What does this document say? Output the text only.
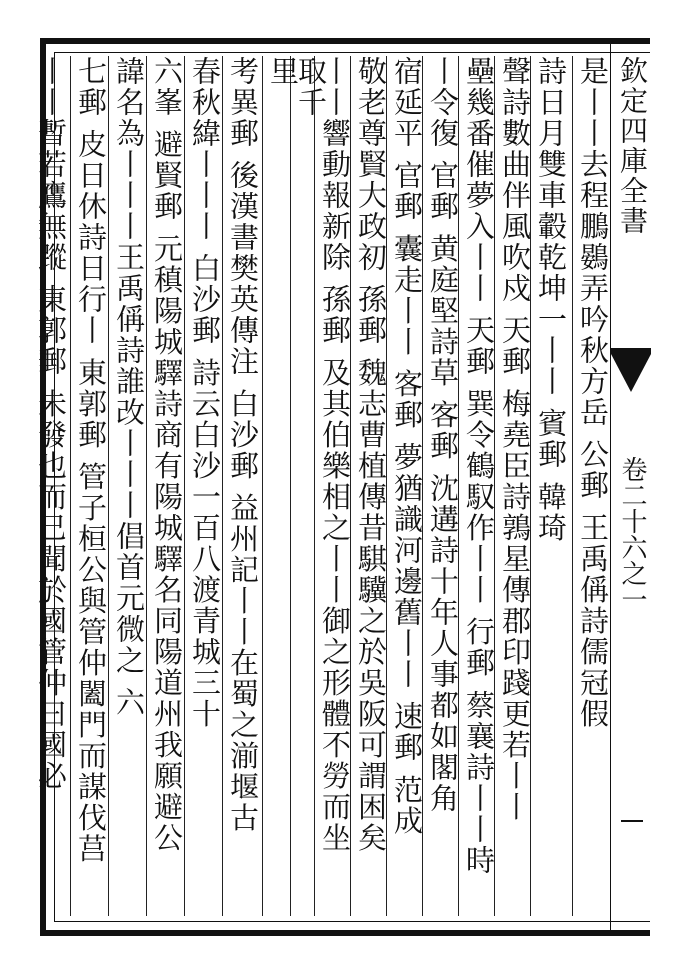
欽定四庫全書
卷二十六之一
是丨丨去程鵬鷃弄吟秋方岳 公郵 王禹偁詩儒冠假
詩日月雙車轂乾坤一丨丨 賓郵 韓琦
聲詩數曲伴風吹戍 天郵 梅堯臣詩鶉星傳郡印踐更若丨丨
壘幾番催夢入丨丨 天郵 巽令鶴馭作丨丨 行郵 蔡襄詩丨丨時
丨令復 官郵 黄庭堅詩草 客郵 沈遘詩十年人事都如閣角
宿延平 官郵 囊走丨丨 客郵 夢猶識河邊舊丨丨 速郵 范成
敬老尊賢大政初 孫郵 魏志曹植傳昔騏驥之於吳阪可謂困矣
丨丨響動報新除 孫郵 及其伯樂相之丨丨御之形體不勞而坐
取千
里
考異郵 後漢書樊英傳注 白沙郵 益州記丨丨在蜀之湔堰古
春秋緯丨丨丨 白沙郵 詩云白沙一百八渡青城三十
六峯 避賢郵 元稹陽城驛詩商有陽城驛名同陽道州我願避公
諱名為丨丨丨王禹偁詩誰改丨丨丨倡首元微之 六
七郵 皮日休詩日行丨 東郭郵 管子桓公與管仲闔門而謀伐莒
丨丨暫若鷹無蹤 東郭郵 未發也而已聞於國管仲曰國必
